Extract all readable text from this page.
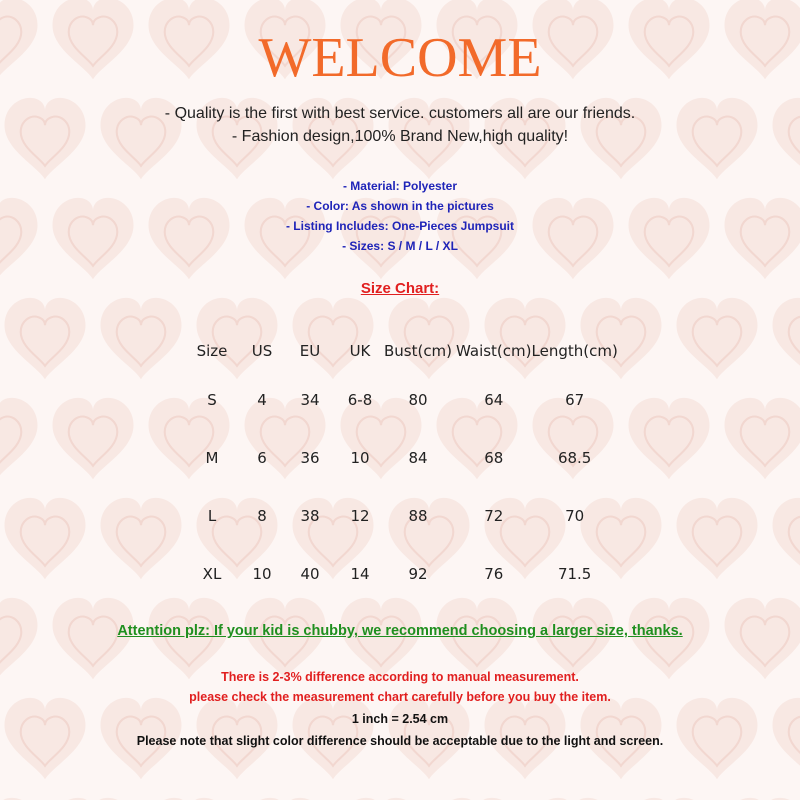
WELCOME
- Quality is the first with best service. customers all are our friends.
- Fashion design,100% Brand New,high quality!
- Material: Polyester
- Color: As shown in the pictures
- Listing Includes: One-Pieces Jumpsuit
- Sizes: S / M / L / XL
Size Chart:
Size	US	EU	UK	Bust(cm)	Waist(cm)	Length(cm)
S	4	34	6-8	80	64	67
M	6	36	10	84	68	68.5
L	8	38	12	88	72	70
XL	10	40	14	92	76	71.5
Attention plz: If your kid is chubby, we recommend choosing a larger size, thanks.
There is 2-3% difference according to manual measurement.
please check the measurement chart carefully before you buy the item.
1 inch = 2.54 cm
Please note that slight color difference should be acceptable due to the light and screen.
